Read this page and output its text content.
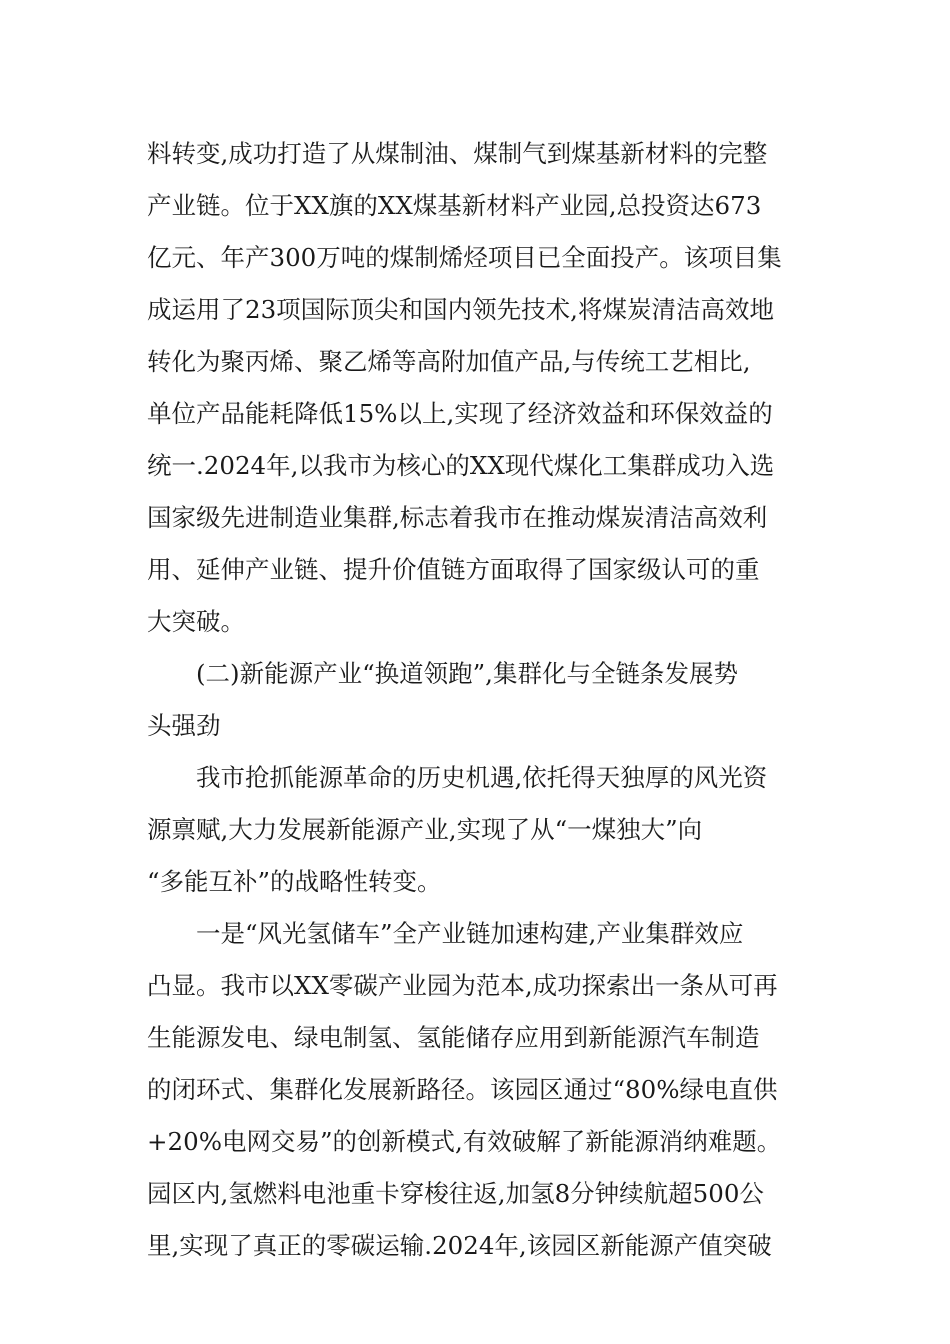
料转变,成功打造了从煤制油、煤制气到煤基新材料的完整
产业链。位于XX旗的XX煤基新材料产业园,总投资达673
亿元、年产300万吨的煤制烯烃项目已全面投产。该项目集
成运用了23项国际顶尖和国内领先技术,将煤炭清洁高效地
转化为聚丙烯、聚乙烯等高附加值产品,与传统工艺相比,
单位产品能耗降低15%以上,实现了经济效益和环保效益的
统一.2024年,以我市为核心的XX现代煤化工集群成功入选
国家级先进制造业集群,标志着我市在推动煤炭清洁高效利
用、延伸产业链、提升价值链方面取得了国家级认可的重
大突破。
　　(二)新能源产业“换道领跑”,集群化与全链条发展势
头强劲
　　我市抢抓能源革命的历史机遇,依托得天独厚的风光资
源禀赋,大力发展新能源产业,实现了从“一煤独大”向
“多能互补”的战略性转变。
　　一是“风光氢储车”全产业链加速构建,产业集群效应
凸显。我市以XX零碳产业园为范本,成功探索出一条从可再
生能源发电、绿电制氢、氢能储存应用到新能源汽车制造
的闭环式、集群化发展新路径。该园区通过“80%绿电直供
+20%电网交易”的创新模式,有效破解了新能源消纳难题。
园区内,氢燃料电池重卡穿梭往返,加氢8分钟续航超500公
里,实现了真正的零碳运输.2024年,该园区新能源产值突破
